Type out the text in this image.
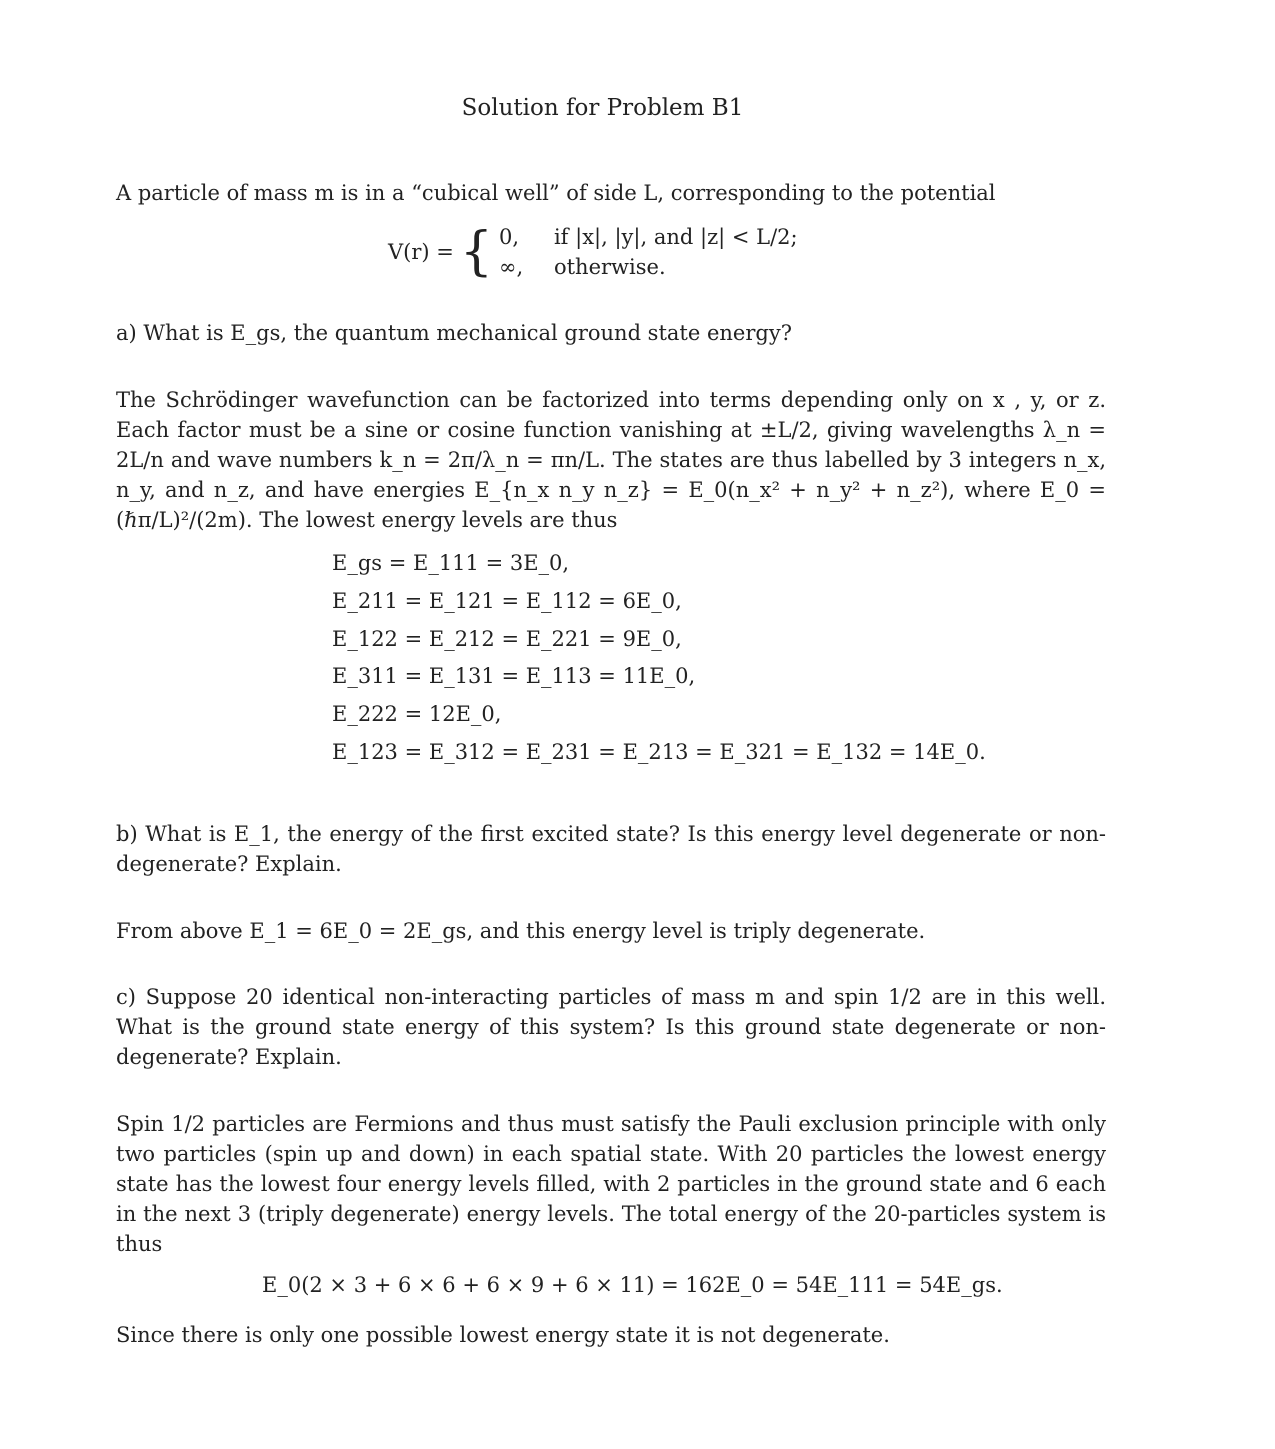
Solution for Problem B1
A particle of mass m is in a “cubical well” of side L, corresponding to the potential
V(r) = { 0, if |x|, |y|, and |z| < L/2;
∞, otherwise.
a) What is E_gs, the quantum mechanical ground state energy?
The Schrödinger wavefunction can be factorized into terms depending only on x , y, or z. Each factor must be a sine or cosine function vanishing at ±L/2, giving wavelengths λ_n = 2L/n and wave numbers k_n = 2π/λ_n = πn/L. The states are thus labelled by 3 integers n_x, n_y, and n_z, and have energies E_{n_x n_y n_z} = E_0(n_x² + n_y² + n_z²), where E_0 = (ℏπ/L)²/(2m). The lowest energy levels are thus
E_gs = E_111 = 3E_0,
E_211 = E_121 = E_112 = 6E_0,
E_122 = E_212 = E_221 = 9E_0,
E_311 = E_131 = E_113 = 11E_0,
E_222 = 12E_0,
E_123 = E_312 = E_231 = E_213 = E_321 = E_132 = 14E_0.
b) What is E_1, the energy of the first excited state? Is this energy level degenerate or non-degenerate? Explain.
From above E_1 = 6E_0 = 2E_gs, and this energy level is triply degenerate.
c) Suppose 20 identical non-interacting particles of mass m and spin 1/2 are in this well. What is the ground state energy of this system? Is this ground state degenerate or non-degenerate? Explain.
Spin 1/2 particles are Fermions and thus must satisfy the Pauli exclusion principle with only two particles (spin up and down) in each spatial state. With 20 particles the lowest energy state has the lowest four energy levels filled, with 2 particles in the ground state and 6 each in the next 3 (triply degenerate) energy levels. The total energy of the 20-particles system is thus
E_0(2 × 3 + 6 × 6 + 6 × 9 + 6 × 11) = 162E_0 = 54E_111 = 54E_gs.
Since there is only one possible lowest energy state it is not degenerate.
